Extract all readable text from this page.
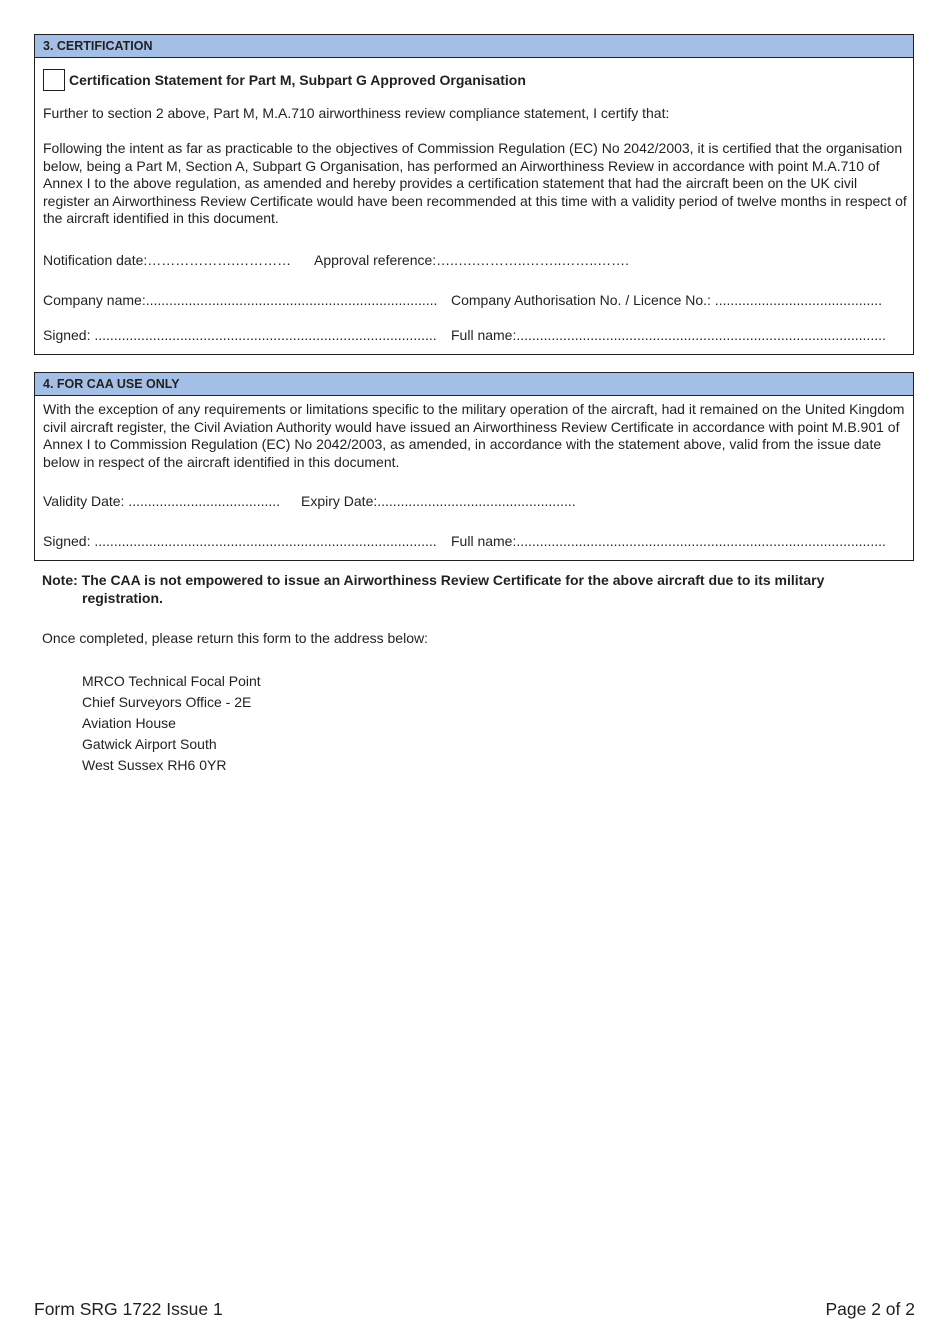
3. CERTIFICATION
Certification Statement for Part M, Subpart G Approved Organisation
Further to section 2 above, Part M, M.A.710 airworthiness review compliance statement, I certify that:
Following the intent as far as practicable to the objectives of Commission Regulation (EC) No 2042/2003, it is certified that the organisation below, being a Part M, Section A, Subpart G Organisation, has performed an Airworthiness Review in accordance with point M.A.710 of Annex I to the above regulation, as amended and hereby provides a certification statement that had the aircraft been on the UK civil register an Airworthiness Review Certificate would have been recommended at this time with a validity period of twelve months in respect of the aircraft identified in this document.
Notification date:……………….………… Approval reference:…..….………..……..……..…….
Company name:........................................................................... Company Authorisation No. / Licence No.: ...........................................
Signed: ........................................................................................ Full name:...............................................................................................
4. FOR CAA USE ONLY
With the exception of any requirements or limitations specific to the military operation of the aircraft, had it remained on the United Kingdom civil aircraft register, the Civil Aviation Authority would have issued an Airworthiness Review Certificate in accordance with point M.B.901 of Annex I to Commission Regulation (EC) No 2042/2003, as amended, in accordance with the statement above, valid from the issue date below in respect of the aircraft identified in this document.
Validity Date: ....................................... Expiry Date:...................................................
Signed: ........................................................................................ Full name:...............................................................................................
Note: The CAA is not empowered to issue an Airworthiness Review Certificate for the above aircraft due to its military
registration.
Once completed, please return this form to the address below:
MRCO Technical Focal Point
Chief Surveyors Office - 2E
Aviation House
Gatwick Airport South
West Sussex RH6 0YR
Form SRG 1722 Issue 1	Page 2 of 2
